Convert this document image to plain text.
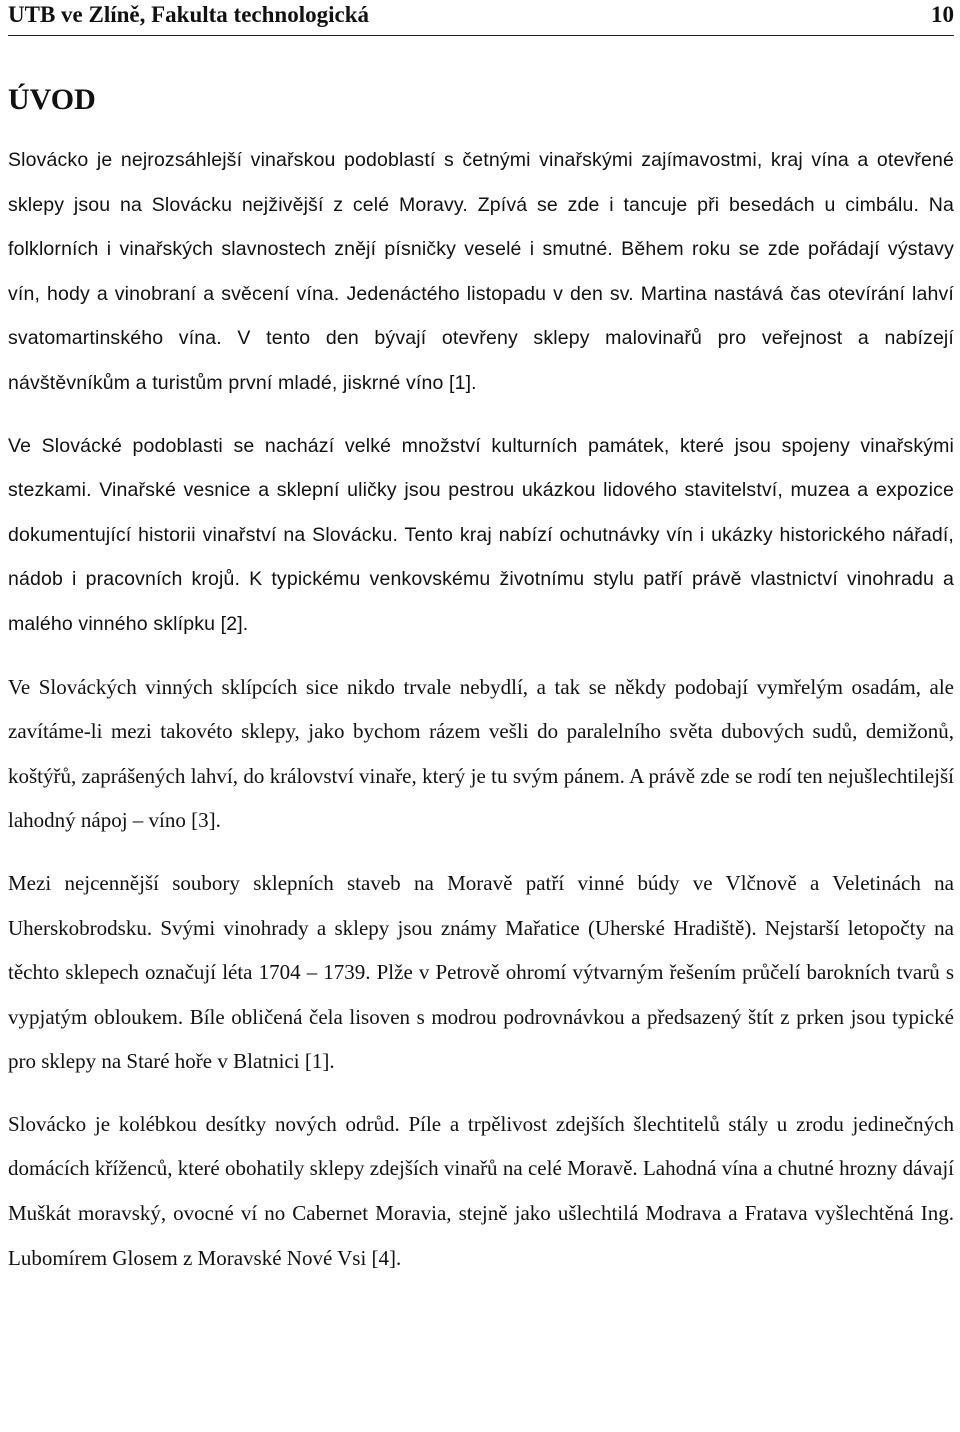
UTB ve Zlíně, Fakulta technologická	10
ÚVOD

Slovácko je nejrozsáhlejší vinařskou podoblastí s četnými vinařskými zajímavostmi, kraj vína a otevřené sklepy jsou na Slovácku nejživější z celé Moravy. Zpívá se zde i tancuje při besedách u cimbálu. Na folklorních i vinařských slavnostech znějí písničky veselé i smutné. Během roku se zde pořádají výstavy vín, hody a vinobraní a svěcení vína. Jedenáctého listopadu v den sv. Martina nastává čas otevírání lahví svatomartinského vína. V tento den bývají otevřeny sklepy malovinařů pro veřejnost a nabízejí návštěvníkům a turistům první mladé, jiskrné víno [1].

Ve Slovácké podoblasti se nachází velké množství kulturních památek, které jsou spojeny vinařskými stezkami. Vinařské vesnice a sklepní uličky jsou pestrou ukázkou lidového stavitelství, muzea a expozice dokumentující historii vinařství na Slovácku. Tento kraj nabízí ochutnávky vín i ukázky historického nářadí, nádob i pracovních krojů. K typickému venkovskému životnímu stylu patří právě vlastnictví vinohradu a malého vinného sklípku [2].

Ve Slováckých vinných sklípcích sice nikdo trvale nebydlí, a tak se někdy podobají vymřelým osadám, ale zavítáme-li mezi takovéto sklepy, jako bychom rázem vešli do paralelního světa dubových sudů, demižonů, koštýřů, zaprášených lahví, do království vinaře, který je tu svým pánem. A právě zde se rodí ten nejušlechtilejší lahodný nápoj – víno [3].

Mezi nejcennější soubory sklepních staveb na Moravě patří vinné búdy ve Vlčnově a Veletinách na Uherskobrodsku. Svými vinohrady a sklepy jsou známy Mařatice (Uherské Hradiště). Nejstarší letopočty na těchto sklepech označují léta 1704 – 1739. Plže v Petrově ohromí výtvarným řešením průčelí barokních tvarů s vypjatým obloukem. Bíle obličená čela lisoven s modrou podrovnávkou a předsazený štít z prken jsou typické pro sklepy na Staré hoře v Blatnici [1].

Slovácko je kolébkou desítky nových odrůd. Píle a trpělivost zdejších šlechtitelů stály u zrodu jedinečných domácích kříženců, které obohatily sklepy zdejších vinařů na celé Moravě. Lahodná vína a chutné hrozny dávají Muškát moravský, ovocné ví no Cabernet Moravia, stejně jako ušlechtilá Modrava a Fratava vyšlechtěná Ing. Lubomírem Glosem z Moravské Nové Vsi [4].
